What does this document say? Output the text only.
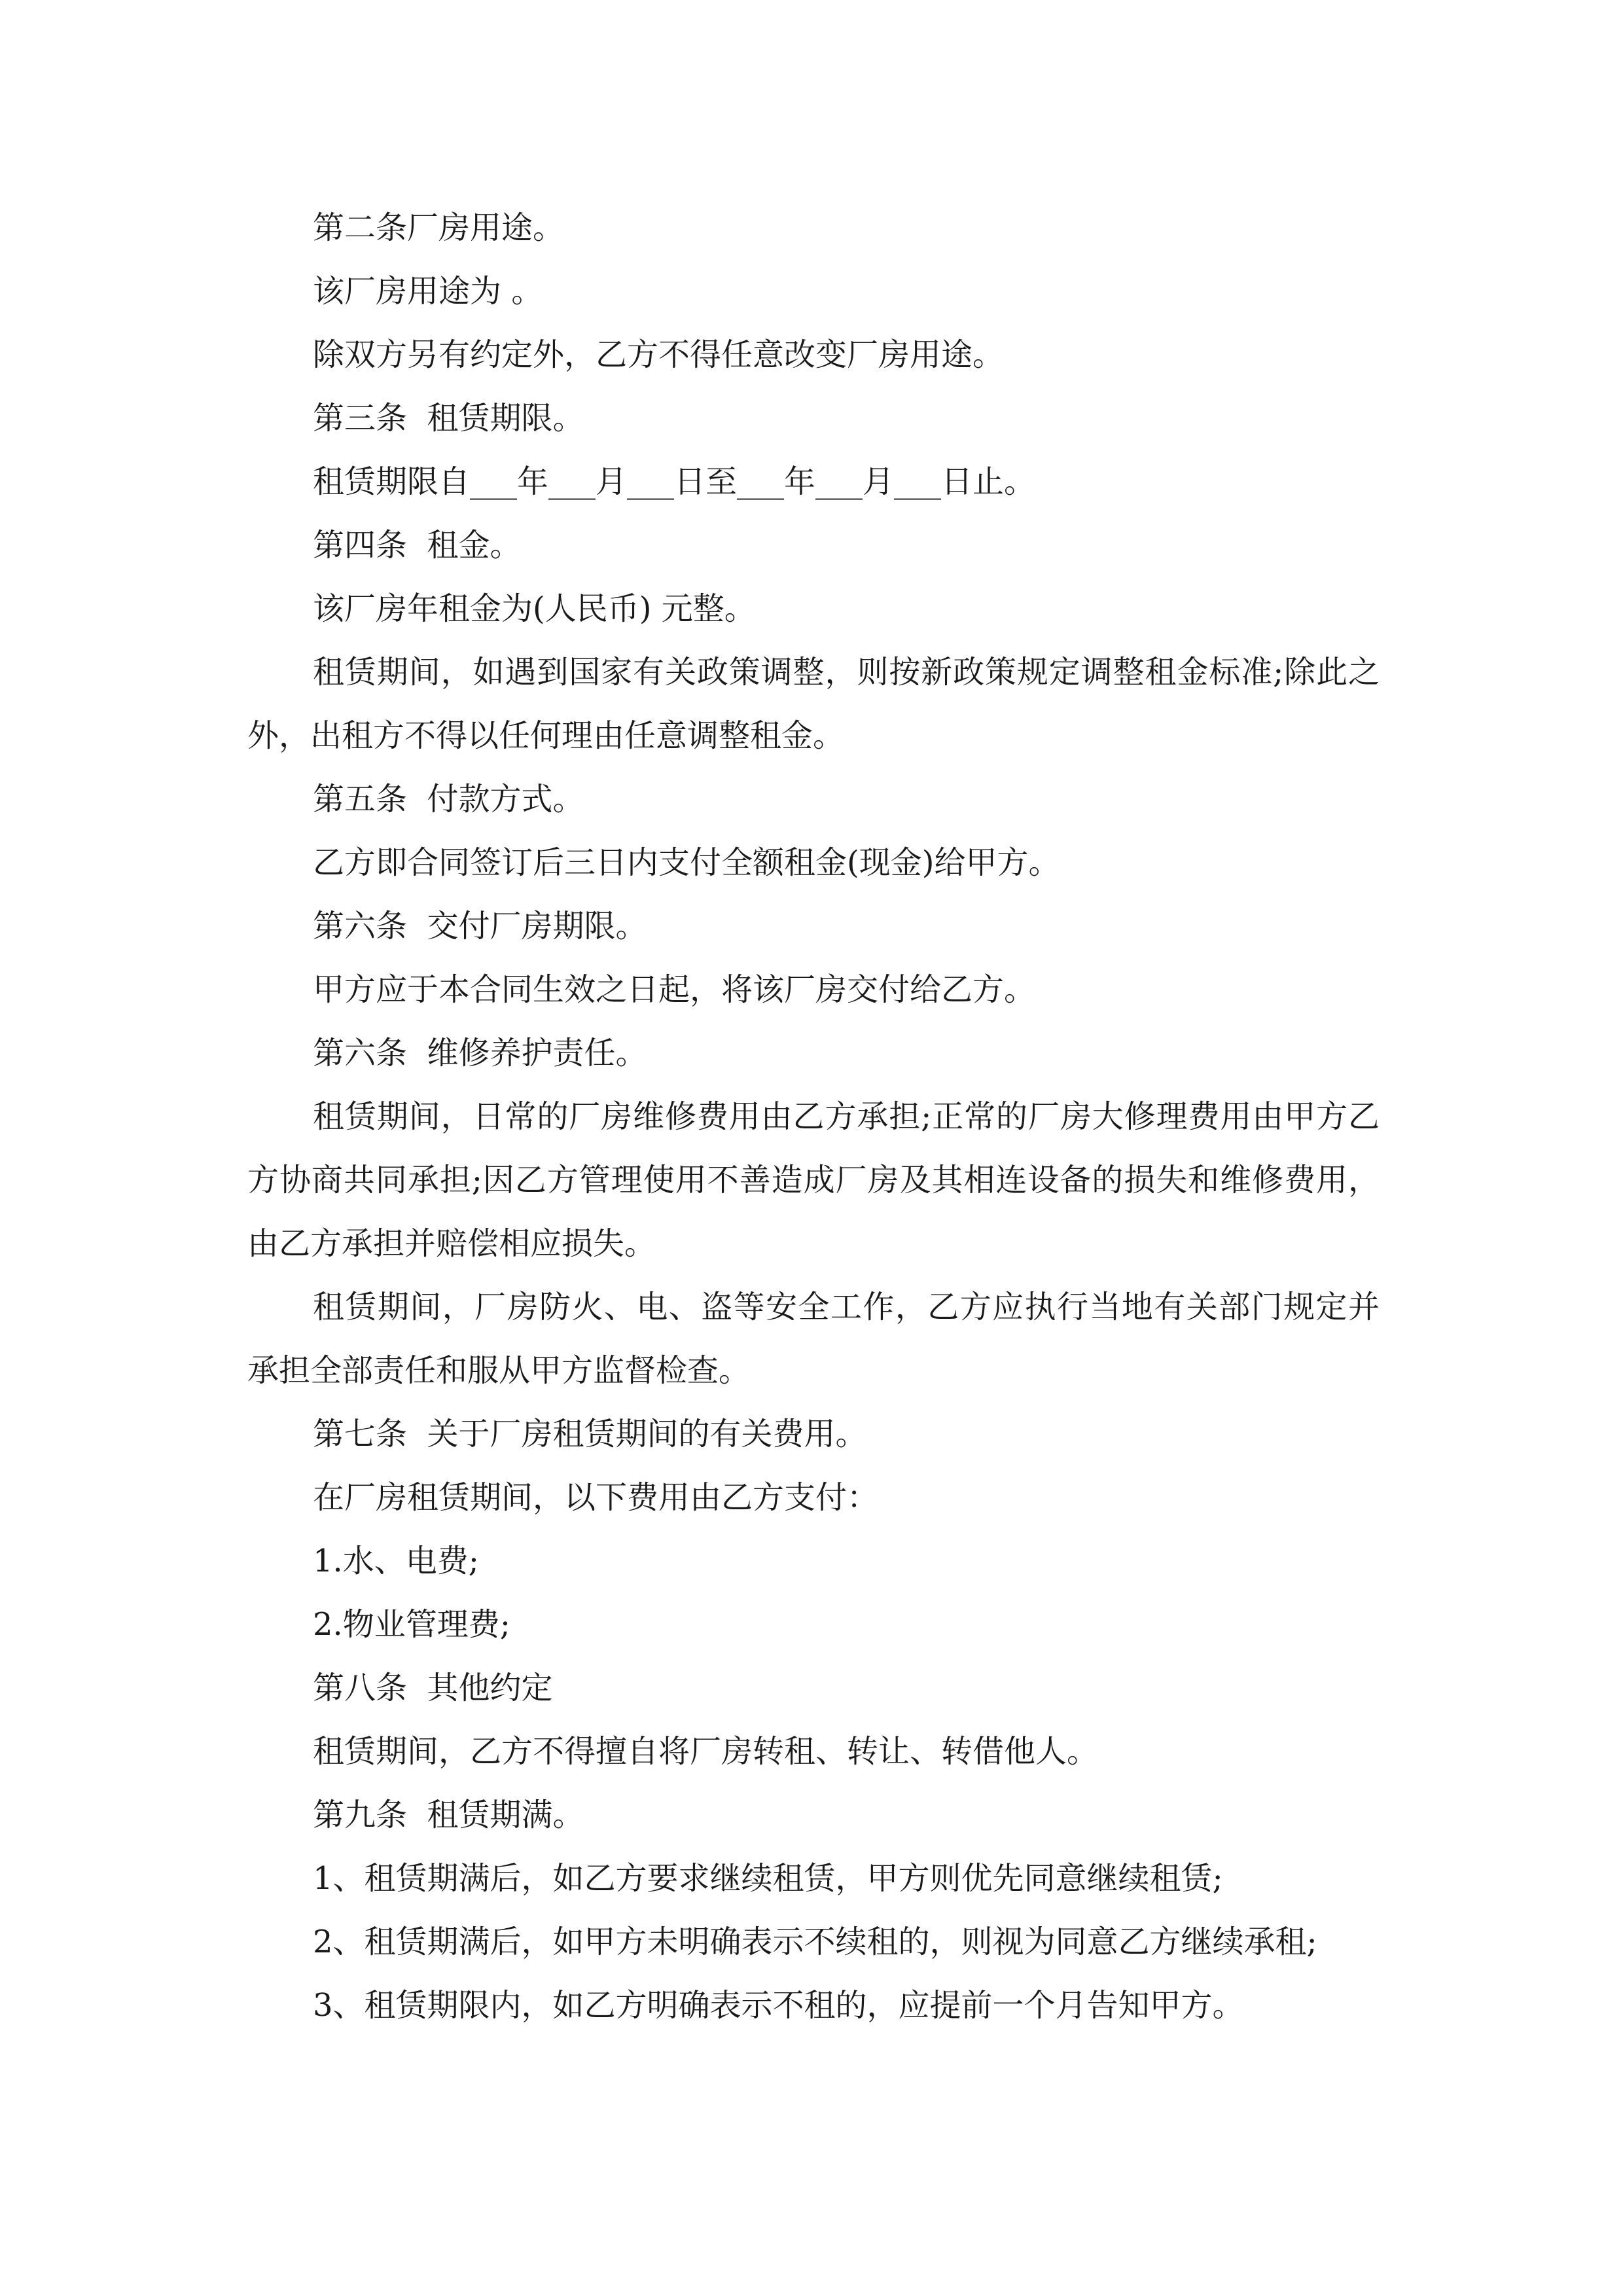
第二条厂房用途。

该厂房用途为 。

除双方另有约定外，乙方不得任意改变厂房用途。

第三条  租赁期限。

租赁期限自___年___月___日至___年___月___日止。

第四条  租金。

该厂房年租金为(人民币) 元整。

租赁期间，如遇到国家有关政策调整，则按新政策规定调整租金标准;除此之外，出租方不得以任何理由任意调整租金。

第五条  付款方式。

乙方即合同签订后三日内支付全额租金(现金)给甲方。

第六条  交付厂房期限。

甲方应于本合同生效之日起，将该厂房交付给乙方。

第六条  维修养护责任。

租赁期间，日常的厂房维修费用由乙方承担;正常的厂房大修理费用由甲方乙方协商共同承担;因乙方管理使用不善造成厂房及其相连设备的损失和维修费用，由乙方承担并赔偿相应损失。

租赁期间，厂房防火、电、盗等安全工作，乙方应执行当地有关部门规定并承担全部责任和服从甲方监督检查。

第七条  关于厂房租赁期间的有关费用。

在厂房租赁期间，以下费用由乙方支付：

1.水、电费;

2.物业管理费;

第八条  其他约定

租赁期间，乙方不得擅自将厂房转租、转让、转借他人。

第九条  租赁期满。

1、租赁期满后，如乙方要求继续租赁，甲方则优先同意继续租赁;

2、租赁期满后，如甲方未明确表示不续租的，则视为同意乙方继续承租;

3、租赁期限内，如乙方明确表示不租的，应提前一个月告知甲方。
